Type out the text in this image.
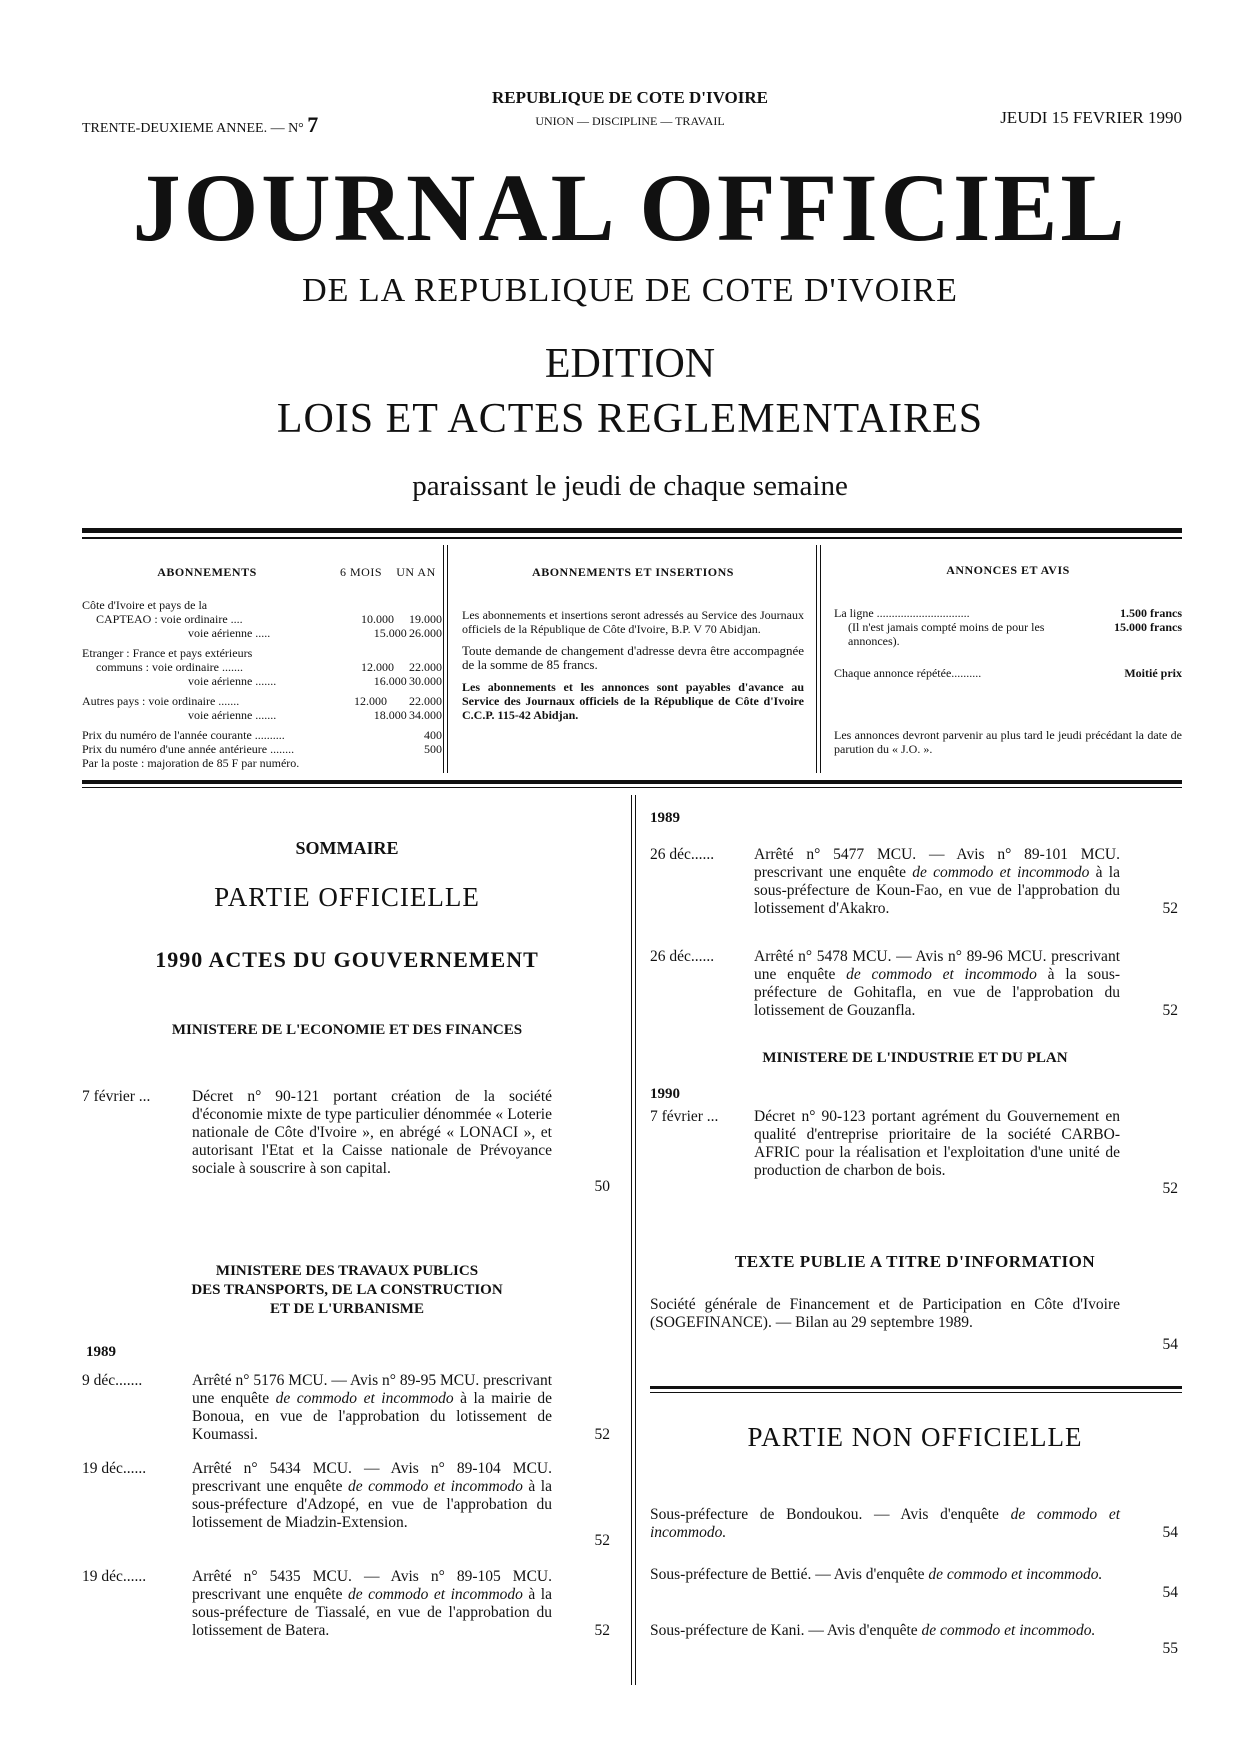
REPUBLIQUE DE COTE D'IVOIRE
UNION — DISCIPLINE — TRAVAIL
TRENTE-DEUXIEME ANNEE. — N° 7	JEUDI 15 FEVRIER 1990
JOURNAL OFFICIEL
DE LA REPUBLIQUE DE COTE D'IVOIRE
EDITION
LOIS ET ACTES REGLEMENTAIRES
paraissant le jeudi de chaque semaine
ABONNEMENTS	6 MOIS	UN AN
Côte d'Ivoire et pays de la
CAPTEAO : voie ordinaire ....	10.000	19.000
voie aérienne .....	15.000 26.000
Etranger : France et pays extérieurs
communs : voie ordinaire .......	12.000	22.000
voie aérienne .......	16.000 30.000
Autres pays : voie ordinaire .......	12.000	22.000
voie aérienne .......	18.000 34.000
Prix du numéro de l'année courante ..........	400
Prix du numéro d'une année antérieure ........	500
Par la poste : majoration de 85 F par numéro.
ABONNEMENTS ET INSERTIONS
Les abonnements et insertions seront adressés au Service des Journaux officiels de la République de Côte d'Ivoire, B.P. V 70 Abidjan.
Toute demande de changement d'adresse devra être accompagnée de la somme de 85 francs.
Les abonnements et les annonces sont payables d'avance au Service des Journaux officiels de la République de Côte d'Ivoire C.C.P. 115-42 Abidjan.
ANNONCES ET AVIS
La ligne ...............................	1.500 francs
(Il n'est jamais compté moins de pour les annonces).
15.000 francs
Chaque annonce répétée..........	Moitié prix
Les annonces devront parvenir au plus tard le jeudi précédant la date de parution du « J.O. ».
SOMMAIRE
PARTIE OFFICIELLE
1990 ACTES DU GOUVERNEMENT
MINISTERE DE L'ECONOMIE ET DES FINANCES
7 février ...	Décret n° 90-121 portant création de la société d'économie mixte de type particulier dénommée « Loterie nationale de Côte d'Ivoire », en abrégé « LONACI », et autorisant l'Etat et la Caisse nationale de Prévoyance sociale à souscrire à son capital.
50
MINISTERE DES TRAVAUX PUBLICS
DES TRANSPORTS, DE LA CONSTRUCTION
ET DE L'URBANISME
1989
9 déc.......	Arrêté n° 5176 MCU. — Avis n° 89-95 MCU. prescrivant une enquête de commodo et incommodo à la mairie de Bonoua, en vue de l'approbation du lotissement de Koumassi.	52
19 déc......	Arrêté n° 5434 MCU. — Avis n° 89-104 MCU. prescrivant une enquête de commodo et incommodo à la sous-préfecture d'Adzopé, en vue de l'approbation du lotissement de Miadzin-Extension.
52
19 déc......	Arrêté n° 5435 MCU. — Avis n° 89-105 MCU. prescrivant une enquête de commodo et incommodo à la sous-préfecture de Tiassalé, en vue de l'approbation du lotissement de Batera.	52
1989
26 déc......	Arrêté n° 5477 MCU. — Avis n° 89-101 MCU. prescrivant une enquête de commodo et incommodo à la sous-préfecture de Koun-Fao, en vue de l'approbation du lotissement d'Akakro.	52
26 déc......	Arrêté n° 5478 MCU. — Avis n° 89-96 MCU. prescrivant une enquête de commodo et incommodo à la sous-préfecture de Gohitafla, en vue de l'approbation du lotissement de Gouzanfla.	52
MINISTERE DE L'INDUSTRIE ET DU PLAN
1990
7 février ... Décret n° 90-123 portant agrément du Gouvernement en qualité d'entreprise prioritaire de la société CARBO-AFRIC pour la réalisation et l'exploitation d'une unité de production de charbon de bois.
52
TEXTE PUBLIE A TITRE D'INFORMATION
Société générale de Financement et de Participation en Côte d'Ivoire (SOGEFINANCE). — Bilan au 29 septembre 1989.
54
PARTIE NON OFFICIELLE
Sous-préfecture de Bondoukou. — Avis d'enquête de commodo et incommodo.	54
Sous-préfecture de Bettié. — Avis d'enquête de commodo et incommodo.
54
Sous-préfecture de Kani. — Avis d'enquête de commodo et incommodo.
55
